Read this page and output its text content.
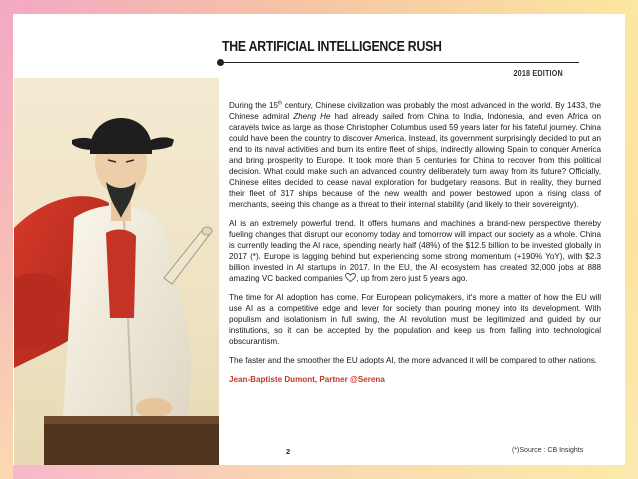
THE ARTIFICIAL INTELLIGENCE RUSH
2018 EDITION

During the 15th century, Chinese civilization was probably the most advanced in the world. By 1433, the Chinese admiral Zheng He had already sailed from China to India, Indonesia, and even Africa on caravels twice as large as those Christopher Columbus used 59 years later for his fateful journey. China could have been the country to discover America. Instead, its government surprisingly decided to put an end to its naval activities and burn its entire fleet of ships, indirectly allowing Spain to conquer America and bring prosperity to Europe. It took more than 5 centuries for China to recover from this political decision. What could make such an advanced country deliberately turn away from its future? Officially, Chinese elites decided to cease naval exploration for budgetary reasons. But in reality, they burned their fleet of 317 ships because of the new wealth and power bestowed upon a rising class of merchants, seeing this change as a threat to their internal stability (and likely to their sovereignty).

AI is an extremely powerful trend. It offers humans and machines a brand-new perspective thereby fueling changes that disrupt our economy today and tomorrow will impact our society as a whole. China is currently leading the AI race, spending nearly half (48%) of the $12.5 billion to be invested globally in 2017 (*). Europe is lagging behind but experiencing some strong momentum (+190% YoY), with $2.3 billion invested in AI startups in 2017. In the EU, the AI ecosystem has created 32,000 jobs at 888 amazing VC backed companies , up from zero just 5 years ago.

The time for AI adoption has come. For European policymakers, it's more a matter of how the EU will use AI as a competitive edge and lever for society than pouring money into its development. With populism and isolationism in full swing, the AI revolution must be legitimized and guided by our institutions, so it can be accepted by the population and keep us from falling into technological obscurantism.

The faster and the smoother the EU adopts AI, the more advanced it will be compared to other nations.

Jean-Baptiste Dumont, Partner @Serena

2	(*)Source : CB Insights
